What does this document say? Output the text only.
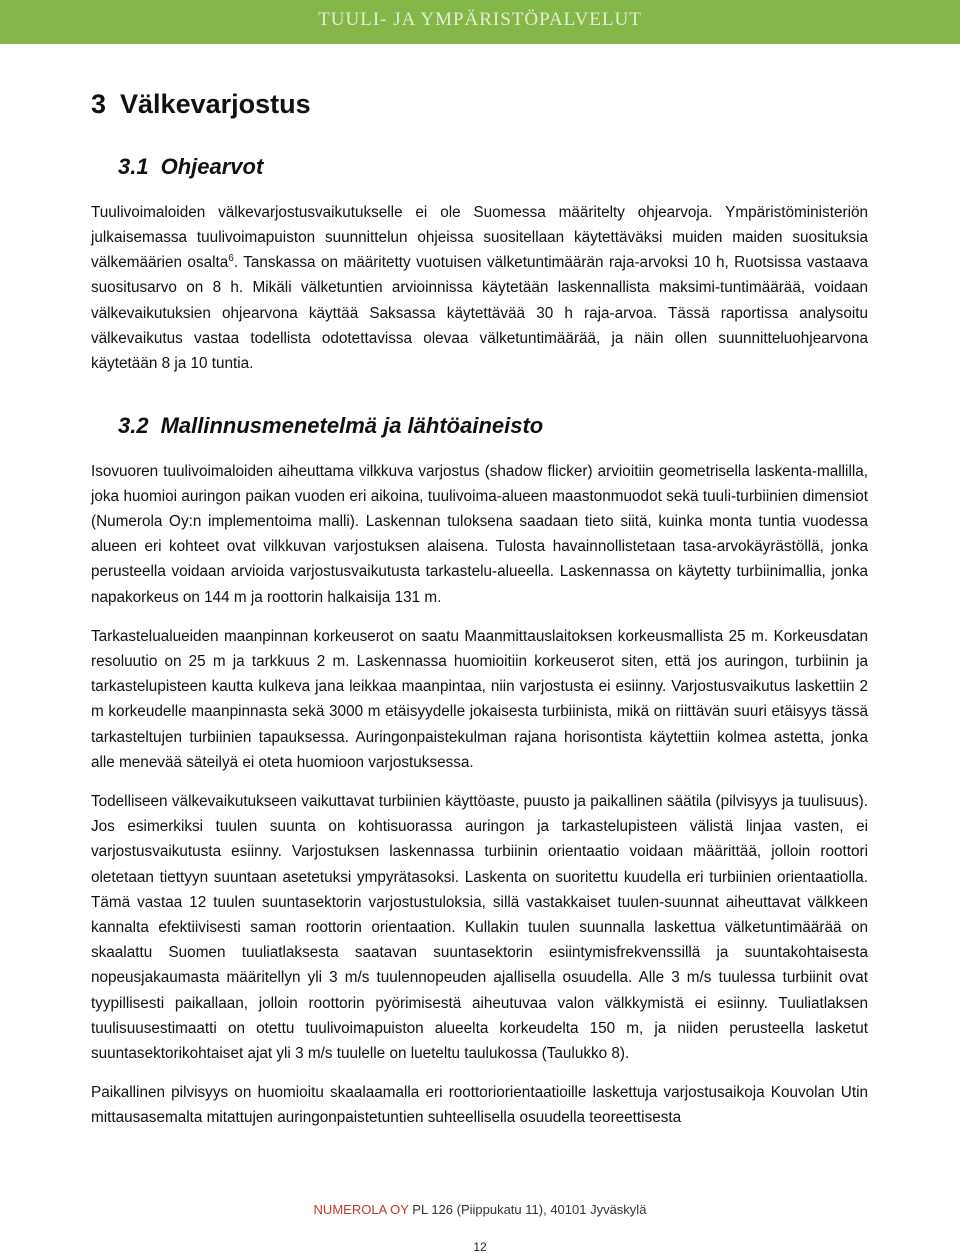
TUULI- JA YMPÄRISTÖPALVELUT
3 Välkevarjostus
3.1 Ohjearvot

Tuulivoimaloiden välkevarjostusvaikutukselle ei ole Suomessa määritelty ohjearvoja. Ympäristöministeriön julkaisemassa tuulivoimapuiston suunnittelun ohjeissa suositellaan käytettäväksi muiden maiden suosituksia välkemäärien osalta$^6$. Tanskassa on määritetty vuotuisen välketuntimäärän raja-arvoksi 10 h, Ruotsissa vastaava suositusarvo on 8 h. Mikäli välketuntien arvioinnissa käytetään laskennallista maksimi-tuntimäärää, voidaan välkevaikutuksien ohjearvona käyttää Saksassa käytettävää 30 h raja-arvoa. Tässä raportissa analysoitu välkevaikutus vastaa todellista odotettavissa olevaa välketuntimäärää, ja näin ollen suunnitteluohjearvona käytetään 8 ja 10 tuntia.

3.2 Mallinnusmenetelmä ja lähtöaineisto

Isovuoren tuulivoimaloiden aiheuttama vilkkuva varjostus (shadow flicker) arvioitiin geometrisella laskenta-mallilla, joka huomioi auringon paikan vuoden eri aikoina, tuulivoima-alueen maastonmuodot sekä tuuli-turbiinien dimensiot (Numerola Oy:n implementoima malli). Laskennan tuloksena saadaan tieto siitä, kuinka monta tuntia vuodessa alueen eri kohteet ovat vilkkuvan varjostuksen alaisena. Tulosta havainnollistetaan tasa-arvokäyrästöllä, jonka perusteella voidaan arvioida varjostusvaikutusta tarkastelu-alueella. Laskennassa on käytetty turbiinimallia, jonka napakorkeus on 144 m ja roottorin halkaisija 131 m.

Tarkastelualueiden maanpinnan korkeuserot on saatu Maanmittauslaitoksen korkeusmallista 25 m. Korkeusdatan resoluutio on 25 m ja tarkkuus 2 m. Laskennassa huomioitiin korkeuserot siten, että jos auringon, turbiinin ja tarkastelupisteen kautta kulkeva jana leikkaa maanpintaa, niin varjostusta ei esiinny. Varjostusvaikutus laskettiin 2 m korkeudelle maanpinnasta sekä 3000 m etäisyydelle jokaisesta turbiinista, mikä on riittävän suuri etäisyys tässä tarkasteltujen turbiinien tapauksessa. Auringonpaistekulman rajana horisontista käytettiin kolmea astetta, jonka alle menevää säteilyä ei oteta huomioon varjostuksessa.

Todelliseen välkevaikutukseen vaikuttavat turbiinien käyttöaste, puusto ja paikallinen säätila (pilvisyys ja tuulisuus). Jos esimerkiksi tuulen suunta on kohtisuorassa auringon ja tarkastelupisteen välistä linjaa vasten, ei varjostusvaikutusta esiinny. Varjostuksen laskennassa turbiinin orientaatio voidaan määrittää, jolloin roottori oletetaan tiettyyn suuntaan asetetuksi ympyrätasoksi. Laskenta on suoritettu kuudella eri turbiinien orientaatiolla. Tämä vastaa 12 tuulen suuntasektorin varjostustuloksia, sillä vastakkaiset tuulen-suunnat aiheuttavat välkkeen kannalta efektiivisesti saman roottorin orientaation. Kullakin tuulen suunnalla laskettua välketuntimäärää on skaalattu Suomen tuuliatlaksesta saatavan suuntasektorin esiintymisfrekvenssillä ja suuntakohtaisesta nopeusjakaumasta määritellyn yli 3 m/s tuulennopeuden ajallisella osuudella. Alle 3 m/s tuulessa turbiinit ovat tyypillisesti paikallaan, jolloin roottorin pyörimisestä aiheutuvaa valon välkkymistä ei esiinny. Tuuliatlaksen tuulisuusestimaatti on otettu tuulivoimapuiston alueelta korkeudelta 150 m, ja niiden perusteella lasketut suuntasektorikohtaiset ajat yli 3 m/s tuulelle on lueteltu taulukossa (Taulukko 8).

Paikallinen pilvisyys on huomioitu skaalaamalla eri roottoriorientaatioille laskettuja varjostusaikoja Kouvolan Utin mittausasemalta mitattujen auringonpaistetuntien suhteellisella osuudella teoreettisesta

NUMEROLA OY PL 126 (Piippukatu 11), 40101 Jyväskylä
12
